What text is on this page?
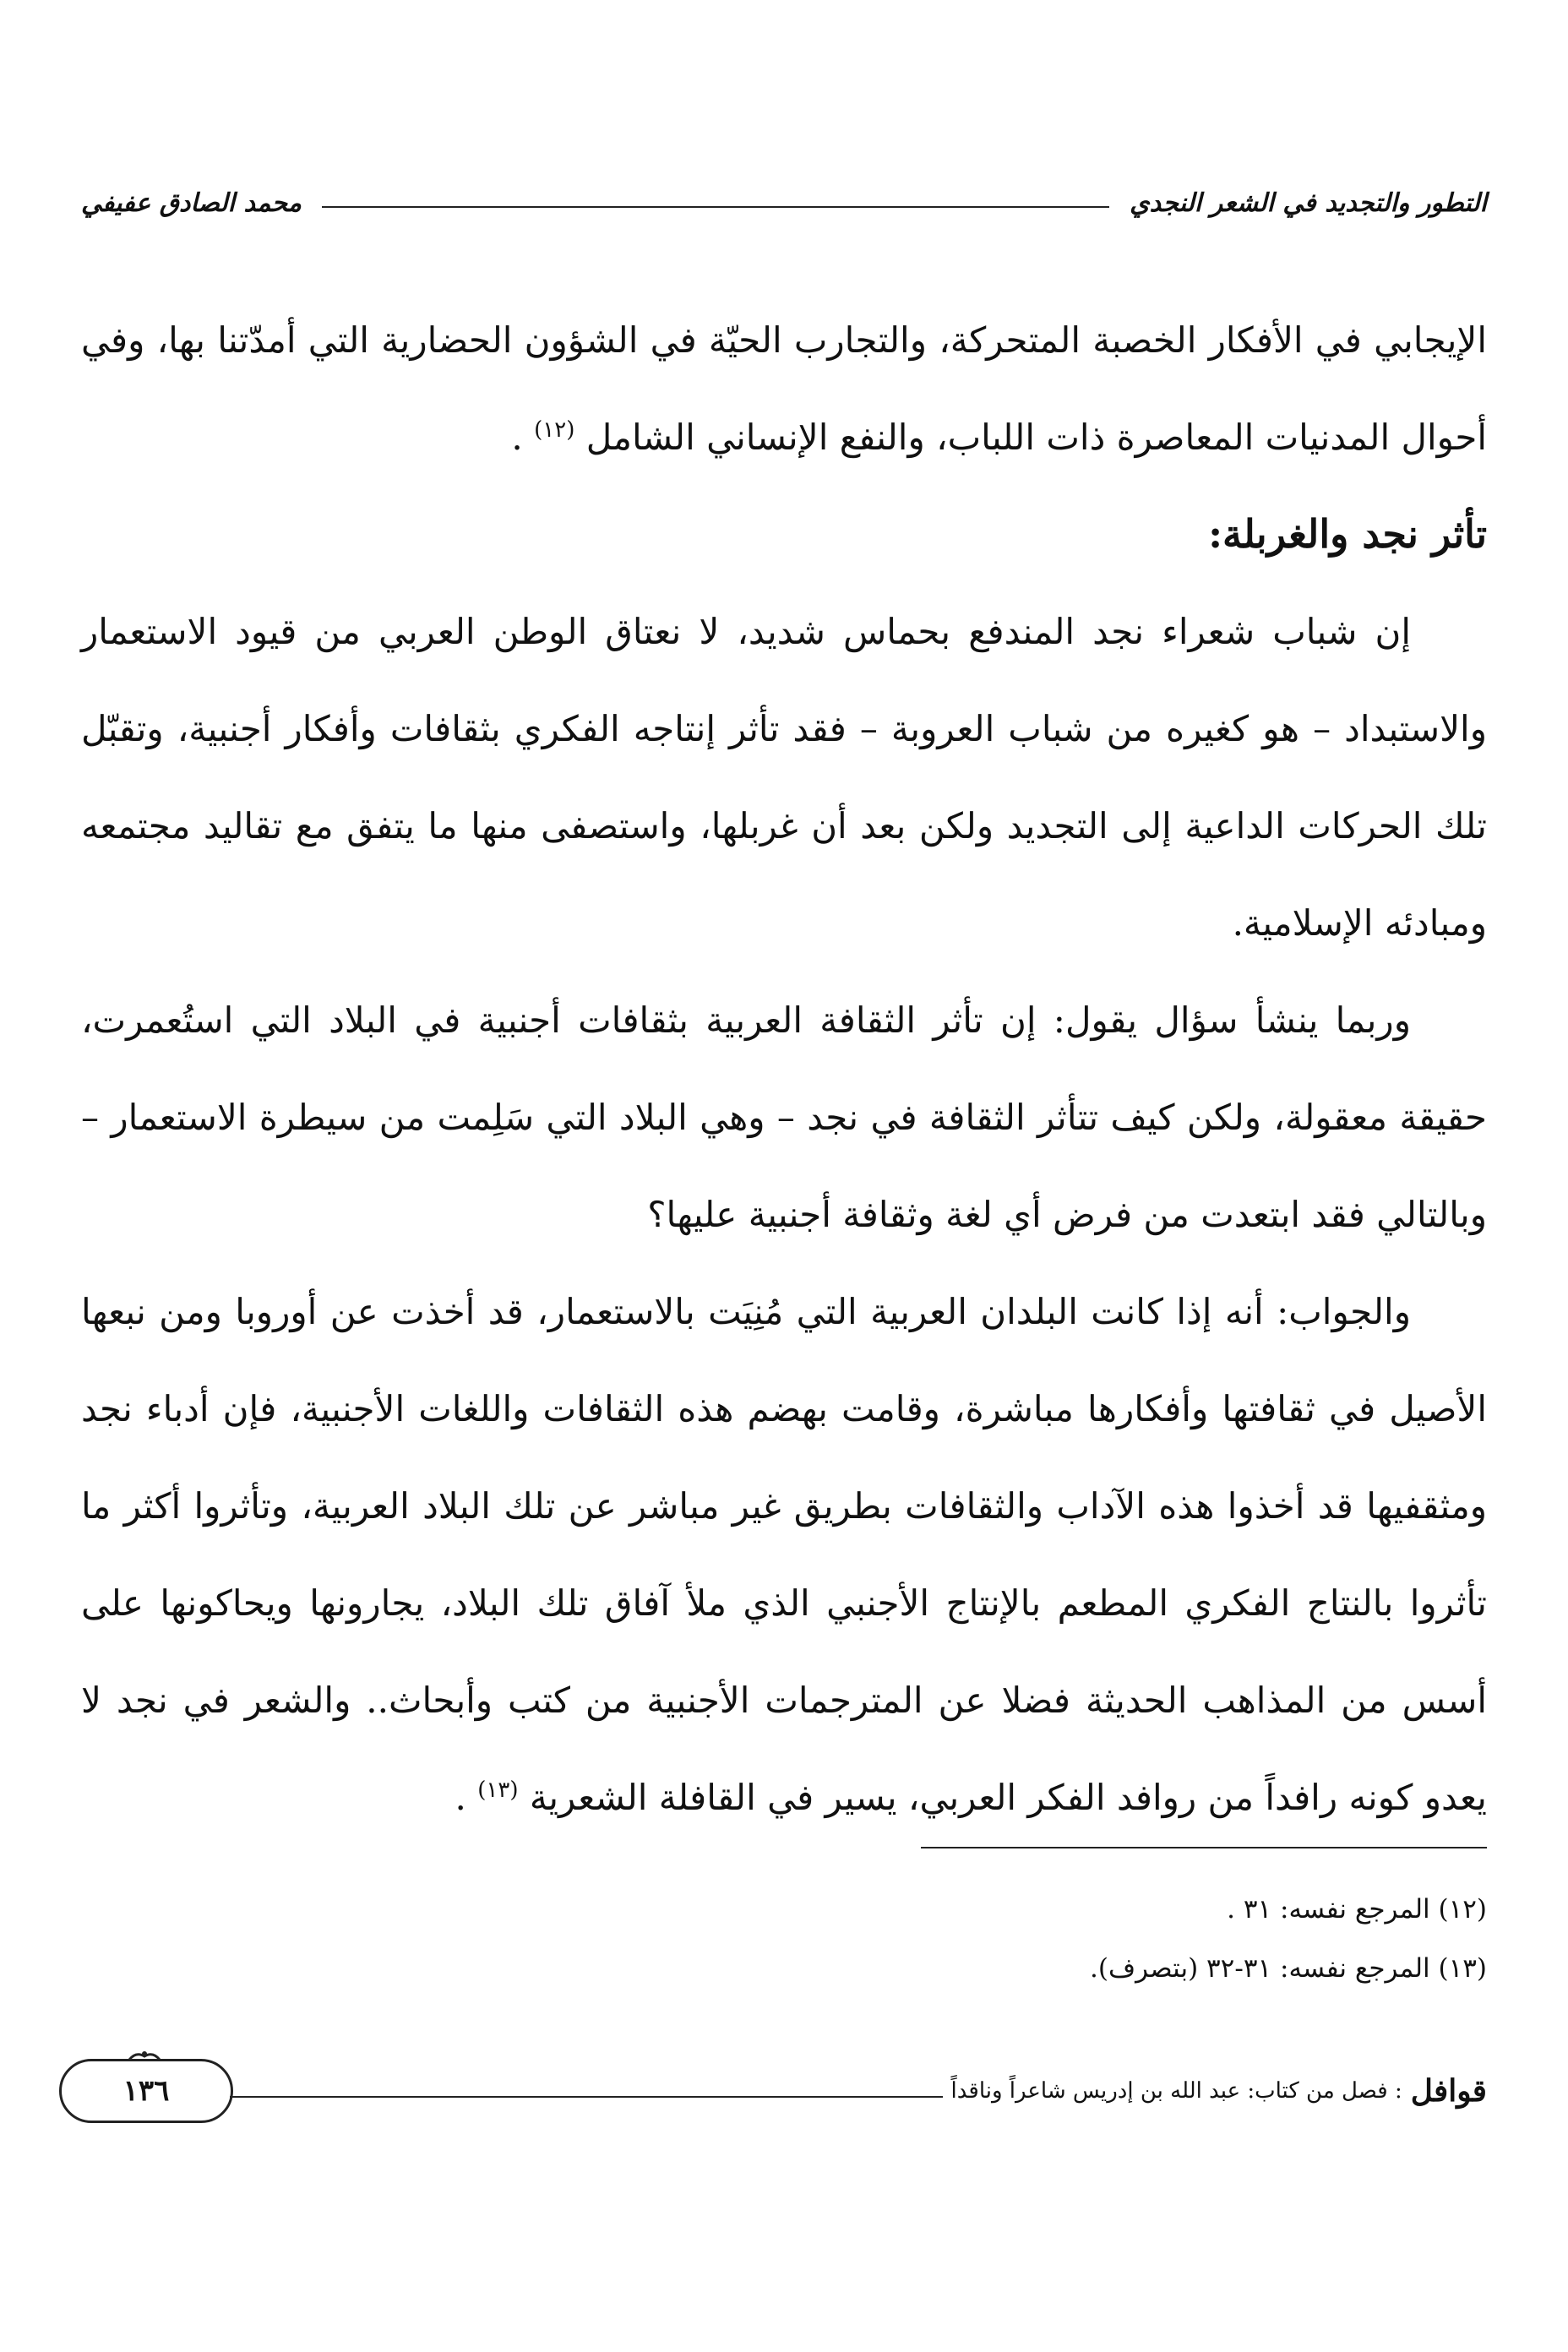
التطور والتجديد في الشعر النجدي
محمد الصادق عفيفي

الإيجابي في الأفكار الخصبة المتحركة، والتجارب الحيّة في الشؤون الحضارية التي أمدّتنا بها، وفي أحوال المدنيات المعاصرة ذات اللباب، والنفع الإنساني الشامل $^{(١٢)}$ .

تأثر نجد والغربلة:

إن شباب شعراء نجد المندفع بحماس شديد، لا نعتاق الوطن العربي من قيود الاستعمار والاستبداد – هو كغيره من شباب العروبة – فقد تأثر إنتاجه الفكري بثقافات وأفكار أجنبية، وتقبّل تلك الحركات الداعية إلى التجديد ولكن بعد أن غربلها، واستصفى منها ما يتفق مع تقاليد مجتمعه ومبادئه الإسلامية.

وربما ينشأ سؤال يقول: إن تأثر الثقافة العربية بثقافات أجنبية في البلاد التي استُعمرت، حقيقة معقولة، ولكن كيف تتأثر الثقافة في نجد – وهي البلاد التي سَلِمت من سيطرة الاستعمار – وبالتالي فقد ابتعدت من فرض أي لغة وثقافة أجنبية عليها؟

والجواب: أنه إذا كانت البلدان العربية التي مُنِيَت بالاستعمار، قد أخذت عن أوروبا ومن نبعها الأصيل في ثقافتها وأفكارها مباشرة، وقامت بهضم هذه الثقافات واللغات الأجنبية، فإن أدباء نجد ومثقفيها قد أخذوا هذه الآداب والثقافات بطريق غير مباشر عن تلك البلاد العربية، وتأثروا أكثر ما تأثروا بالنتاج الفكري المطعم بالإنتاج الأجنبي الذي ملأ آفاق تلك البلاد، يجارونها ويحاكونها على أسس من المذاهب الحديثة فضلا عن المترجمات الأجنبية من كتب وأبحاث.. والشعر في نجد لا يعدو كونه رافداً من روافد الفكر العربي، يسير في القافلة الشعرية $^{(١٣)}$ .

(١٢) المرجع نفسه: ٣١ .

(١٣) المرجع نفسه: ٣١-٣٢ (بتصرف).

قوافل
: فصل من كتاب: عبد الله بن إدريس شاعراً وناقداً
١٣٦
